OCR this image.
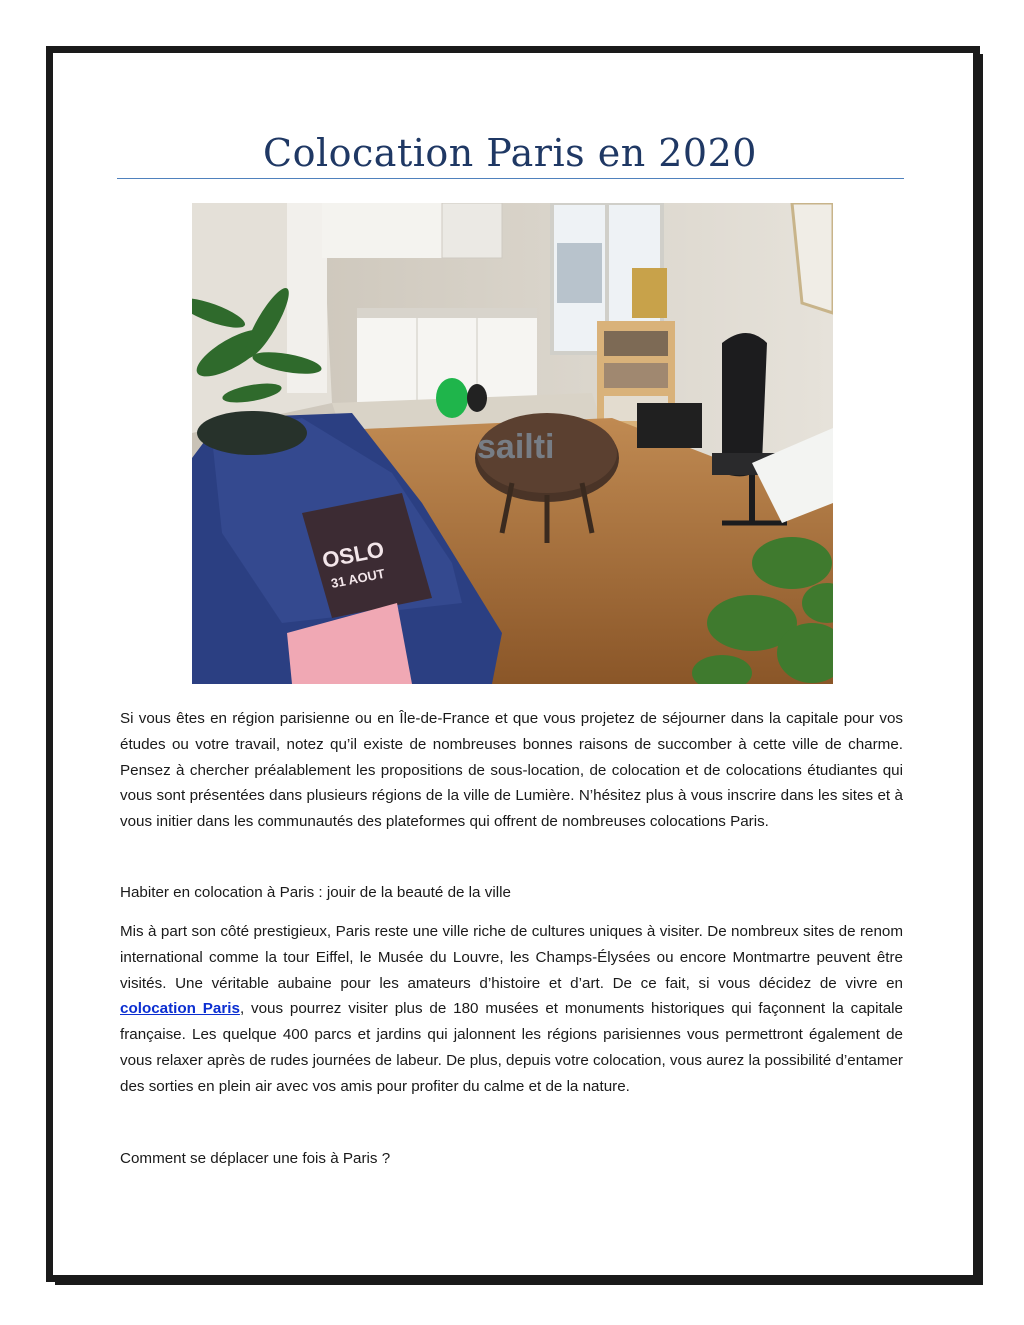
Colocation Paris en 2020
sailti
OSLO
31 AOUT

Si vous êtes en région parisienne ou en Île-de-France et que vous projetez de séjourner dans la capitale pour vos études ou votre travail, notez qu’il existe de nombreuses bonnes raisons de succomber à cette ville de charme. Pensez à chercher préalablement les propositions de sous-location, de colocation et de colocations étudiantes qui vous sont présentées dans plusieurs régions de la ville de Lumière. N’hésitez plus à vous inscrire dans les sites et à vous initier dans les communautés des plateformes qui offrent de nombreuses colocations Paris.

Habiter en colocation à Paris : jouir de la beauté de la ville

Mis à part son côté prestigieux, Paris reste une ville riche de cultures uniques à visiter. De nombreux sites de renom international comme la tour Eiffel, le Musée du Louvre, les Champs-Élysées ou encore Montmartre peuvent être visités. Une véritable aubaine pour les amateurs d’histoire et d’art. De ce fait, si vous décidez de vivre en colocation Paris, vous pourrez visiter plus de 180 musées et monuments historiques qui façonnent la capitale française. Les quelque 400 parcs et jardins qui jalonnent les régions parisiennes vous permettront également de vous relaxer après de rudes journées de labeur. De plus, depuis votre colocation, vous aurez la possibilité d’entamer des sorties en plein air avec vos amis pour profiter du calme et de la nature.

Comment se déplacer une fois à Paris ?
